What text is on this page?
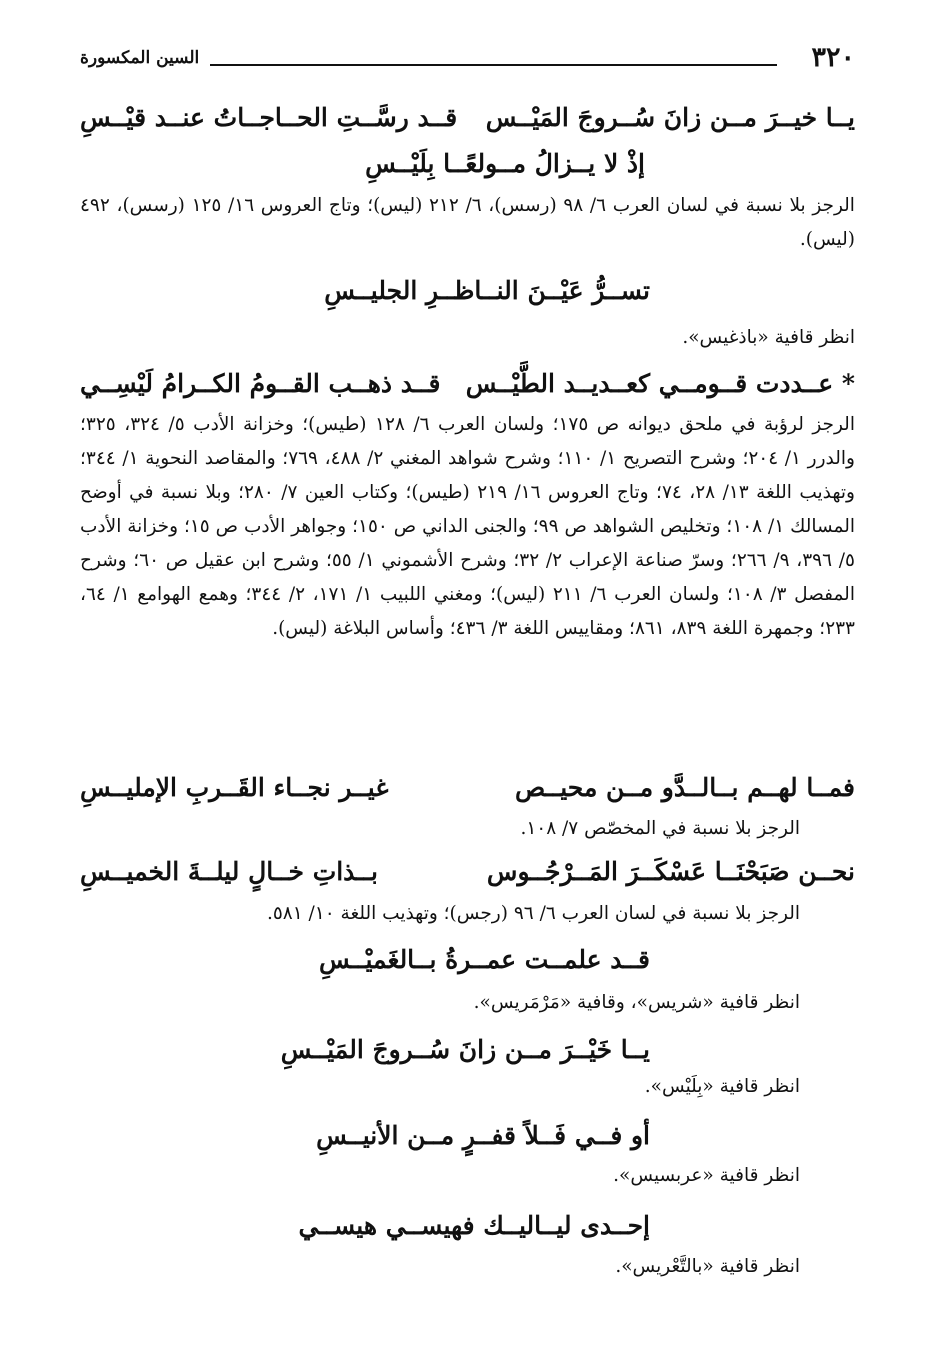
٣٢٠
السين المكسورة
يــا خيــرَ مــن زانَ سُــروجَ المَيْــس
قــد رسَّــتِ الحــاجــاتُ عنــد قيْــسِ
إذْ لا يــزالُ مــولعًــا بِلَيْــسِ
الرجز بلا نسبة في لسان العرب ٦/ ٩٨ (رسس)، ٦/ ٢١٢ (ليس)؛ وتاج العروس ١٦/ ١٢٥ (رسس)، ٤٩٢ (ليس).
تســرُّ عَيْــنَ النــاظــرِ الجليــسِ
انظر قافية «باذغيس».
* عــددت قــومــي كعــديــد الطَّيْــس
قــد ذهــب القــومُ الكــرامُ لَيْسِــي
الرجز لرؤبة في ملحق ديوانه ص ١٧٥؛ ولسان العرب ٦/ ١٢٨ (طيس)؛ وخزانة الأدب ٥/ ٣٢٤، ٣٢٥؛ والدرر ١/ ٢٠٤؛ وشرح التصريح ١/ ١١٠؛ وشرح شواهد المغني ٢/ ٤٨٨، ٧٦٩؛ والمقاصد النحوية ١/ ٣٤٤؛ وتهذيب اللغة ١٣/ ٢٨، ٧٤؛ وتاج العروس ١٦/ ٢١٩ (طيس)؛ وكتاب العين ٧/ ٢٨٠؛ وبلا نسبة في أوضح المسالك ١/ ١٠٨؛ وتخليص الشواهد ص ٩٩؛ والجنى الداني ص ١٥٠؛ وجواهر الأدب ص ١٥؛ وخزانة الأدب ٥/ ٣٩٦، ٩/ ٢٦٦؛ وسرّ صناعة الإعراب ٢/ ٣٢؛ وشرح الأشموني ١/ ٥٥؛ وشرح ابن عقيل ص ٦٠؛ وشرح المفصل ٣/ ١٠٨؛ ولسان العرب ٦/ ٢١١ (ليس)؛ ومغني اللبيب ١/ ١٧١، ٢/ ٣٤٤؛ وهمع الهوامع ١/ ٦٤، ٢٣٣؛ وجمهرة اللغة ٨٣٩، ٨٦١؛ ومقاييس اللغة ٣/ ٤٣٦؛ وأساس البلاغة (ليس).
فمــا لهــم بــالــدَّو مــن محيــص
غيــر نجــاء القَــربِ الإمليــسِ
الرجز بلا نسبة في المخصّص ٧/ ١٠٨.
نحــن صَبَحْنَــا عَسْكَــرَ المَــرْجُــوس
بــذاتِ خــالٍ ليلــةَ الخميــسِ
الرجز بلا نسبة في لسان العرب ٦/ ٩٦ (رجس)؛ وتهذيب اللغة ١٠/ ٥٨١.
قــد علمــت عمــرةُ بــالغَميْــسِ
انظر قافية «شريس»، وقافية «مَرْمَريس».
يــا خَيْــرَ مــن زانَ سُــروجَ المَيْــسِ
انظر قافية «بِلَيْس».
أو فــي فَــلاً قفــرٍ مــن الأنيــسِ
انظر قافية «عربسيس».
إحــدى ليــاليــك فهيســي هيســي
انظر قافية «بالتَّعْريس».
